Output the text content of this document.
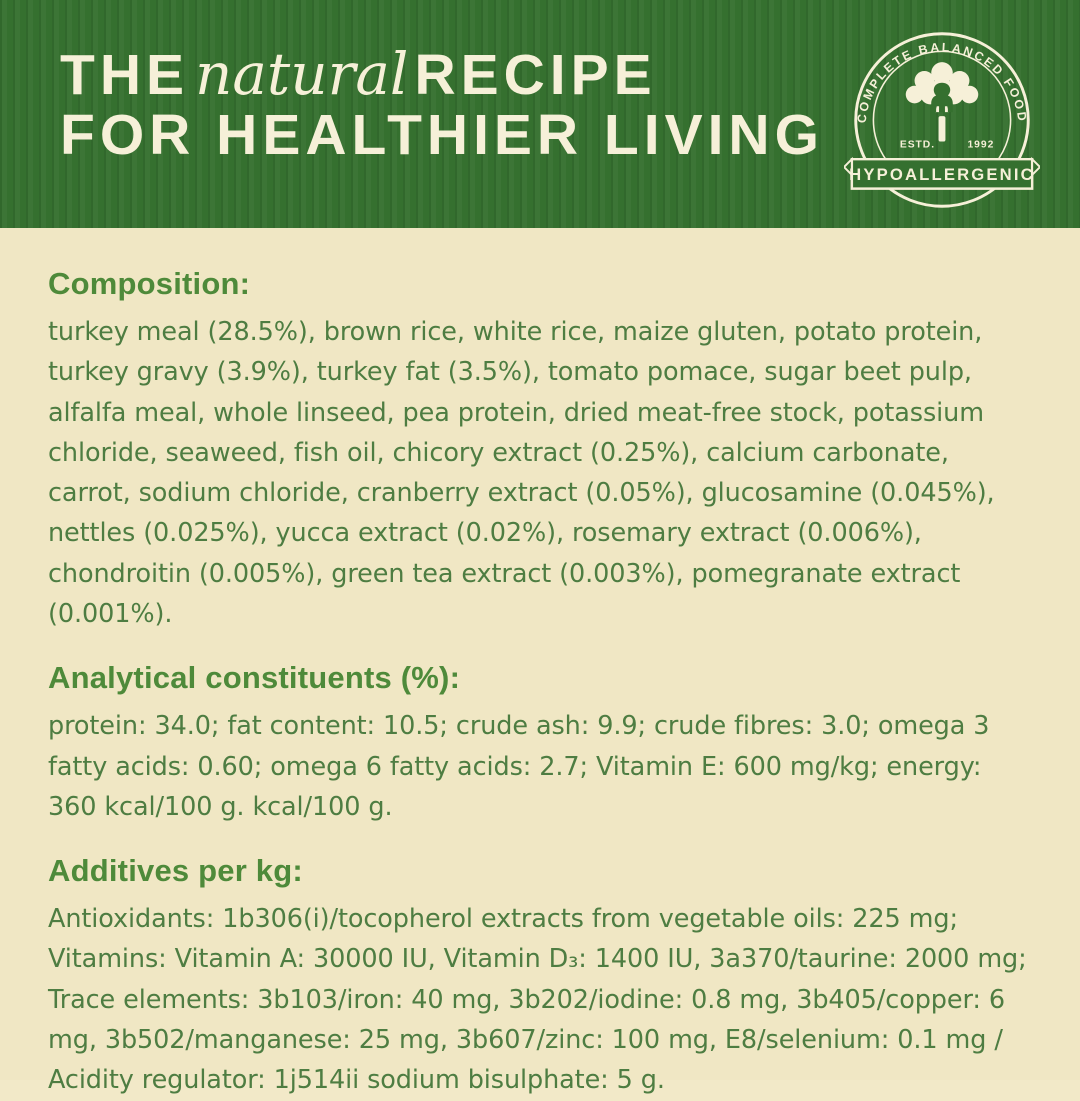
THE natural RECIPE
FOR HEALTHIER LIVING COMPLETE BALANCED FOOD
ESTD.	1992
HYPOALLERGENIC
Composition:

turkey meal (28.5%), brown rice, white rice, maize gluten, potato protein, turkey gravy (3.9%), turkey fat (3.5%), tomato pomace, sugar beet pulp, alfalfa meal, whole linseed, pea protein, dried meat-free stock, potassium chloride, seaweed, fish oil, chicory extract (0.25%), calcium carbonate, carrot, sodium chloride, cranberry extract (0.05%), glucosamine (0.045%), nettles (0.025%), yucca extract (0.02%), rosemary extract (0.006%), chondroitin (0.005%), green tea extract (0.003%), pomegranate extract (0.001%).

Analytical constituents (%):

protein: 34.0; fat content: 10.5; crude ash: 9.9; crude fibres: 3.0; omega 3 fatty acids: 0.60; omega 6 fatty acids: 2.7; Vitamin E: 600 mg/kg; energy: 360 kcal/100 g. kcal/100 g.

Additives per kg:

Antioxidants: 1b306(i)/tocopherol extracts from vegetable oils: 225 mg; Vitamins: Vitamin A: 30000 IU, Vitamin D₃: 1400 IU, 3a370/taurine: 2000 mg; Trace elements: 3b103/iron: 40 mg, 3b202/iodine: 0.8 mg, 3b405/copper: 6 mg, 3b502/manganese: 25 mg, 3b607/zinc: 100 mg, E8/selenium: 0.1 mg / Acidity regulator: 1j514ii sodium bisulphate: 5 g.
